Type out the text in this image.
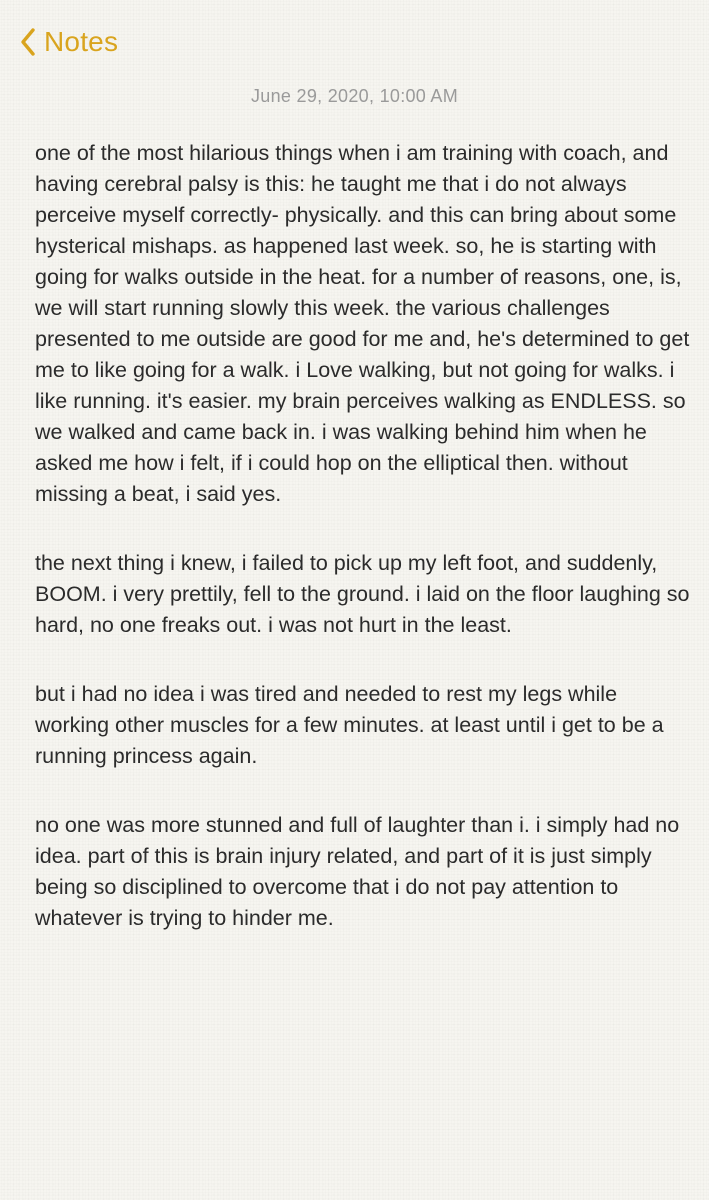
Notes
June 29, 2020, 10:00 AM

one of the most hilarious things when i am training with coach, and having cerebral palsy is this: he taught me that i do not always perceive myself correctly- physically. and this can bring about some hysterical mishaps. as happened last week. so, he is starting with going for walks outside in the heat. for a number of reasons, one, is, we will start running slowly this week. the various challenges presented to me outside are good for me and, he's determined to get me to like going for a walk. i Love walking, but not going for walks. i like running. it's easier. my brain perceives walking as ENDLESS. so we walked and came back in. i was walking behind him when he asked me how i felt, if i could hop on the elliptical then. without missing a beat, i said yes.

the next thing i knew, i failed to pick up my left foot, and suddenly, BOOM. i very prettily, fell to the ground. i laid on the floor laughing so hard, no one freaks out. i was not hurt in the least.

but i had no idea i was tired and needed to rest my legs while working other muscles for a few minutes. at least until i get to be a running princess again.

no one was more stunned and full of laughter than i. i simply had no idea. part of this is brain injury related, and part of it is just simply being so disciplined to overcome that i do not pay attention to whatever is trying to hinder me.
